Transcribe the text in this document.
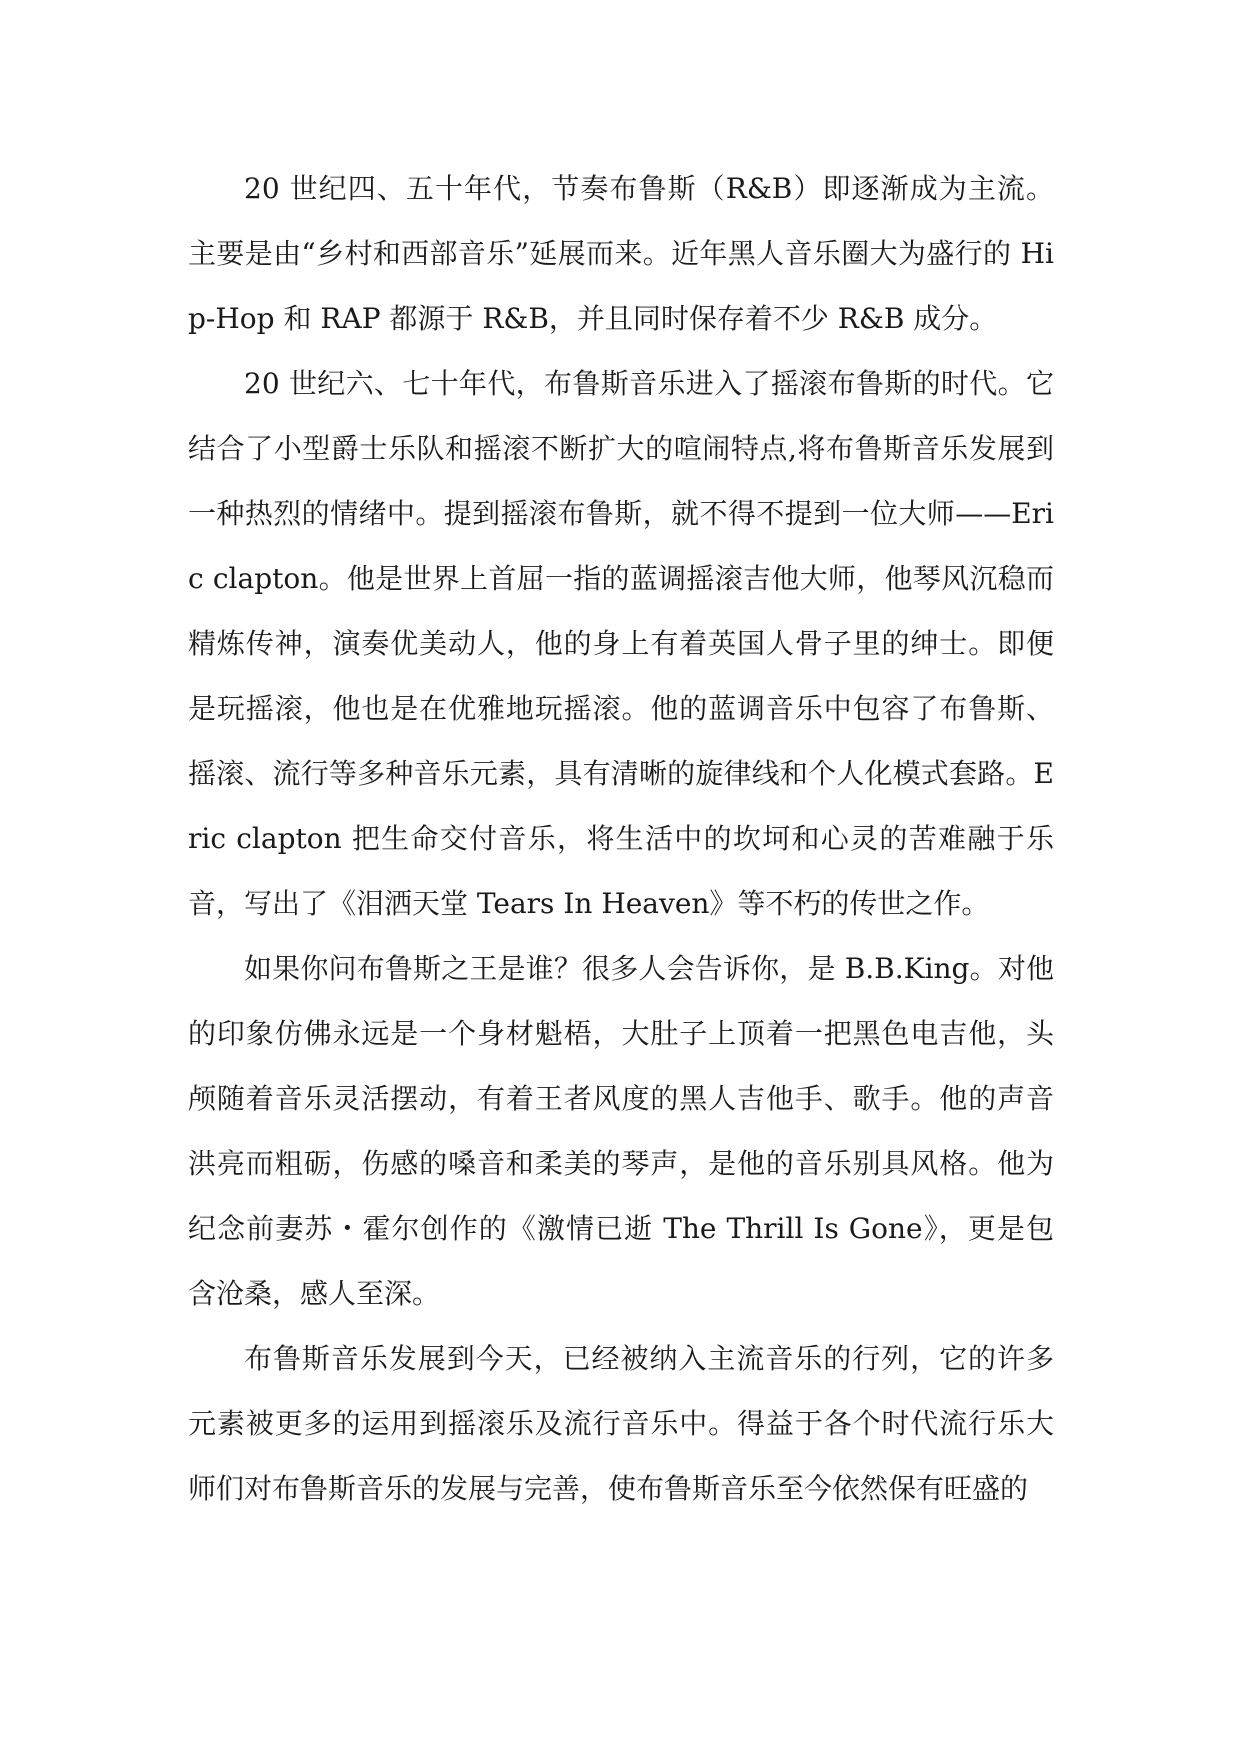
20 世纪四、五十年代，节奏布鲁斯（R&B）即逐渐成为主流。主要是由“乡村和西部音乐”延展而来。近年黑人音乐圈大为盛行的 Hip-Hop 和 RAP 都源于 R&B，并且同时保存着不少 R&B 成分。

20 世纪六、七十年代，布鲁斯音乐进入了摇滚布鲁斯的时代。它结合了小型爵士乐队和摇滚不断扩大的喧闹特点,将布鲁斯音乐发展到一种热烈的情绪中。提到摇滚布鲁斯，就不得不提到一位大师——Eric clapton。他是世界上首屈一指的蓝调摇滚吉他大师，他琴风沉稳而精炼传神，演奏优美动人，他的身上有着英国人骨子里的绅士。即便是玩摇滚，他也是在优雅地玩摇滚。他的蓝调音乐中包容了布鲁斯、摇滚、流行等多种音乐元素，具有清晰的旋律线和个人化模式套路。Eric clapton 把生命交付音乐，将生活中的坎坷和心灵的苦难融于乐音，写出了《泪洒天堂 Tears In Heaven》等不朽的传世之作。

如果你问布鲁斯之王是谁？很多人会告诉你，是 B.B.King。对他的印象仿佛永远是一个身材魁梧，大肚子上顶着一把黑色电吉他，头颅随着音乐灵活摆动，有着王者风度的黑人吉他手、歌手。他的声音洪亮而粗砺，伤感的嗓音和柔美的琴声，是他的音乐别具风格。他为纪念前妻苏・霍尔创作的《激情已逝 The Thrill Is Gone》，更是包含沧桑，感人至深。

布鲁斯音乐发展到今天，已经被纳入主流音乐的行列，它的许多元素被更多的运用到摇滚乐及流行音乐中。得益于各个时代流行乐大师们对布鲁斯音乐的发展与完善，使布鲁斯音乐至今依然保有旺盛的
